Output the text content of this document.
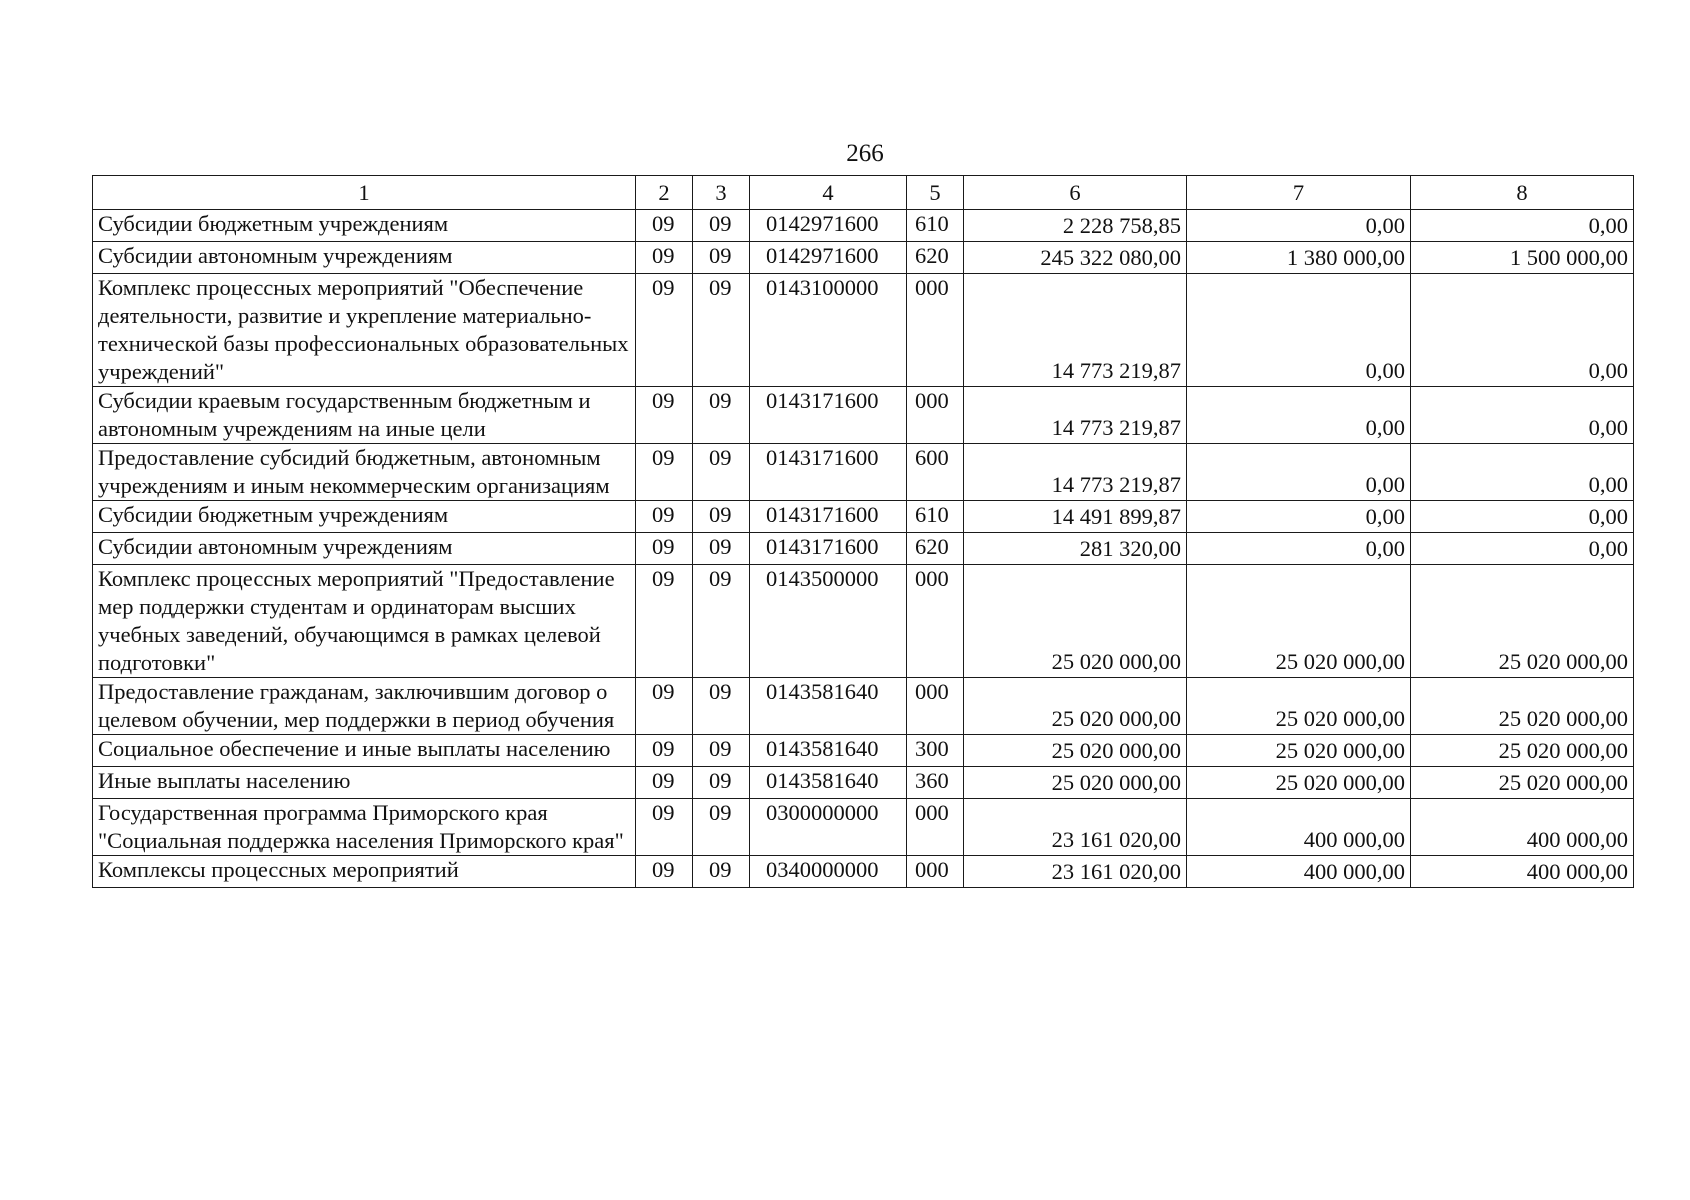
266
1	2	3	4	5	6	7	8
Субсидии бюджетным учреждениям	09	09	0142971600	610	2 228 758,85	0,00	0,00
Субсидии автономным учреждениям	09	09	0142971600	620	245 322 080,00	1 380 000,00	1 500 000,00
Комплекс процессных мероприятий "Обеспечение деятельности, развитие и укрепление материально-технической базы профессиональных образовательных учреждений"	09	09	0143100000	000	14 773 219,87	0,00	0,00
Субсидии краевым государственным бюджетным и автономным учреждениям на иные цели	09	09	0143171600	000	14 773 219,87	0,00	0,00
Предоставление субсидий бюджетным, автономным учреждениям и иным некоммерческим организациям	09	09	0143171600	600	14 773 219,87	0,00	0,00
Субсидии бюджетным учреждениям	09	09	0143171600	610	14 491 899,87	0,00	0,00
Субсидии автономным учреждениям	09	09	0143171600	620	281 320,00	0,00	0,00
Комплекс процессных мероприятий "Предоставление мер поддержки студентам и ординаторам высших учебных заведений, обучающимся в рамках целевой подготовки"	09	09	0143500000	000	25 020 000,00	25 020 000,00	25 020 000,00
Предоставление гражданам, заключившим договор о целевом обучении, мер поддержки в период обучения	09	09	0143581640	000	25 020 000,00	25 020 000,00	25 020 000,00
Социальное обеспечение и иные выплаты населению	09	09	0143581640	300	25 020 000,00	25 020 000,00	25 020 000,00
Иные выплаты населению	09	09	0143581640	360	25 020 000,00	25 020 000,00	25 020 000,00
Государственная программа Приморского края "Социальная поддержка населения Приморского края"	09	09	0300000000	000	23 161 020,00	400 000,00	400 000,00
Комплексы процессных мероприятий	09	09	0340000000	000	23 161 020,00	400 000,00	400 000,00
